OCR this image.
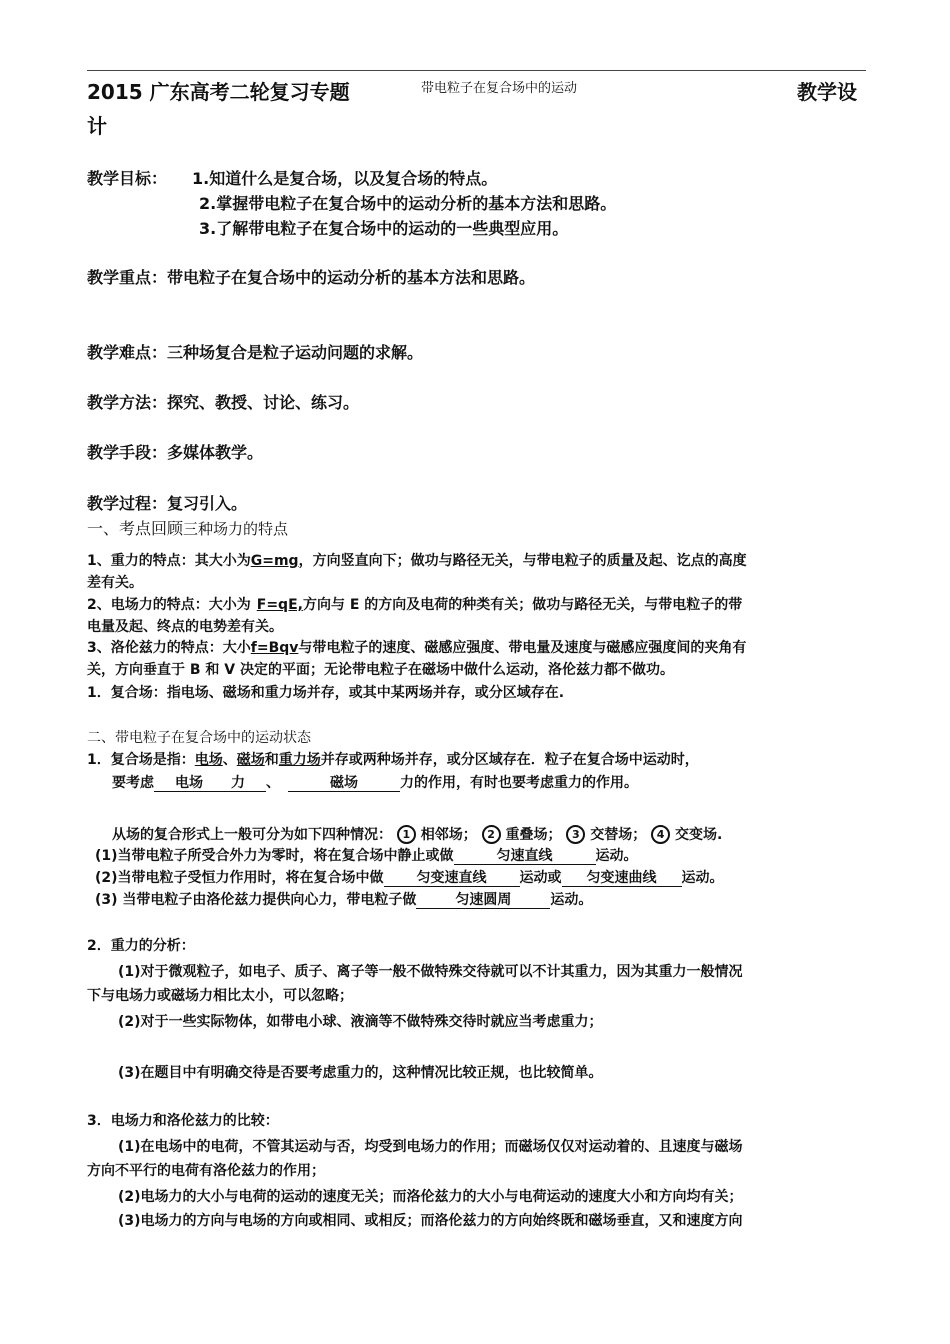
2015 广东高考二轮复习专题	带电粒子在复合场中的运动	教学设
计
教学目标： 1.知道什么是复合场，以及复合场的特点。
2.掌握带电粒子在复合场中的运动分析的基本方法和思路。
3.了解带电粒子在复合场中的运动的一些典型应用。
教学重点：带电粒子在复合场中的运动分析的基本方法和思路。
教学难点：三种场复合是粒子运动问题的求解。
教学方法：探究、教授、讨论、练习。
教学手段：多媒体教学。
教学过程：复习引入。
一、考点回顾三种场力的特点
1、重力的特点：其大小为G=mg，方向竖直向下；做功与路径无关，与带电粒子的质量及起、讫点的高度
差有关。
2、电场力的特点：大小为 F=qE,方向与 E 的方向及电荷的种类有关；做功与路径无关，与带电粒子的带
电量及起、终点的电势差有关。
3、洛伦兹力的特点：大小f=Bqv与带电粒子的速度、磁感应强度、带电量及速度与磁感应强度间的夹角有
关，方向垂直于 B 和 V 决定的平面；无论带电粒子在磁场中做什么运动，洛伦兹力都不做功。
1．复合场：指电场、磁场和重力场并存，或其中某两场并存，或分区域存在.
二、带电粒子在复合场中的运动状态
1．复合场是指：电场、磁场和重力场并存或两种场并存，或分区域存在．粒子在复合场中运动时，
要考虑 电场　　力 、	磁场	力的作用，有时也要考虑重力的作用。
从场的复合形式上一般可分为如下四种情况： 1 相邻场； 2 重叠场； 3 交替场； 4 交变场.
(1)当带电粒子所受合外力为零时，将在复合场中静止或做	匀速直线	运动。
(2)当带电粒子受恒力作用时，将在复合场中做 匀变速直线 运动或 匀变速曲线 运动。
(3) 当带电粒子由洛伦兹力提供向心力，带电粒子做	匀速圆周	运动。
2．重力的分析：
(1)对于微观粒子，如电子、质子、离子等一般不做特殊交待就可以不计其重力，因为其重力一般情况
下与电场力或磁场力相比太小，可以忽略；
(2)对于一些实际物体，如带电小球、液滴等不做特殊交待时就应当考虑重力；
(3)在题目中有明确交待是否要考虑重力的，这种情况比较正规，也比较简单。
3．电场力和洛伦兹力的比较：
(1)在电场中的电荷，不管其运动与否，均受到电场力的作用；而磁场仅仅对运动着的、且速度与磁场
方向不平行的电荷有洛伦兹力的作用；
(2)电场力的大小与电荷的运动的速度无关；而洛伦兹力的大小与电荷运动的速度大小和方向均有关；
(3)电场力的方向与电场的方向或相同、或相反；而洛伦兹力的方向始终既和磁场垂直，又和速度方向
